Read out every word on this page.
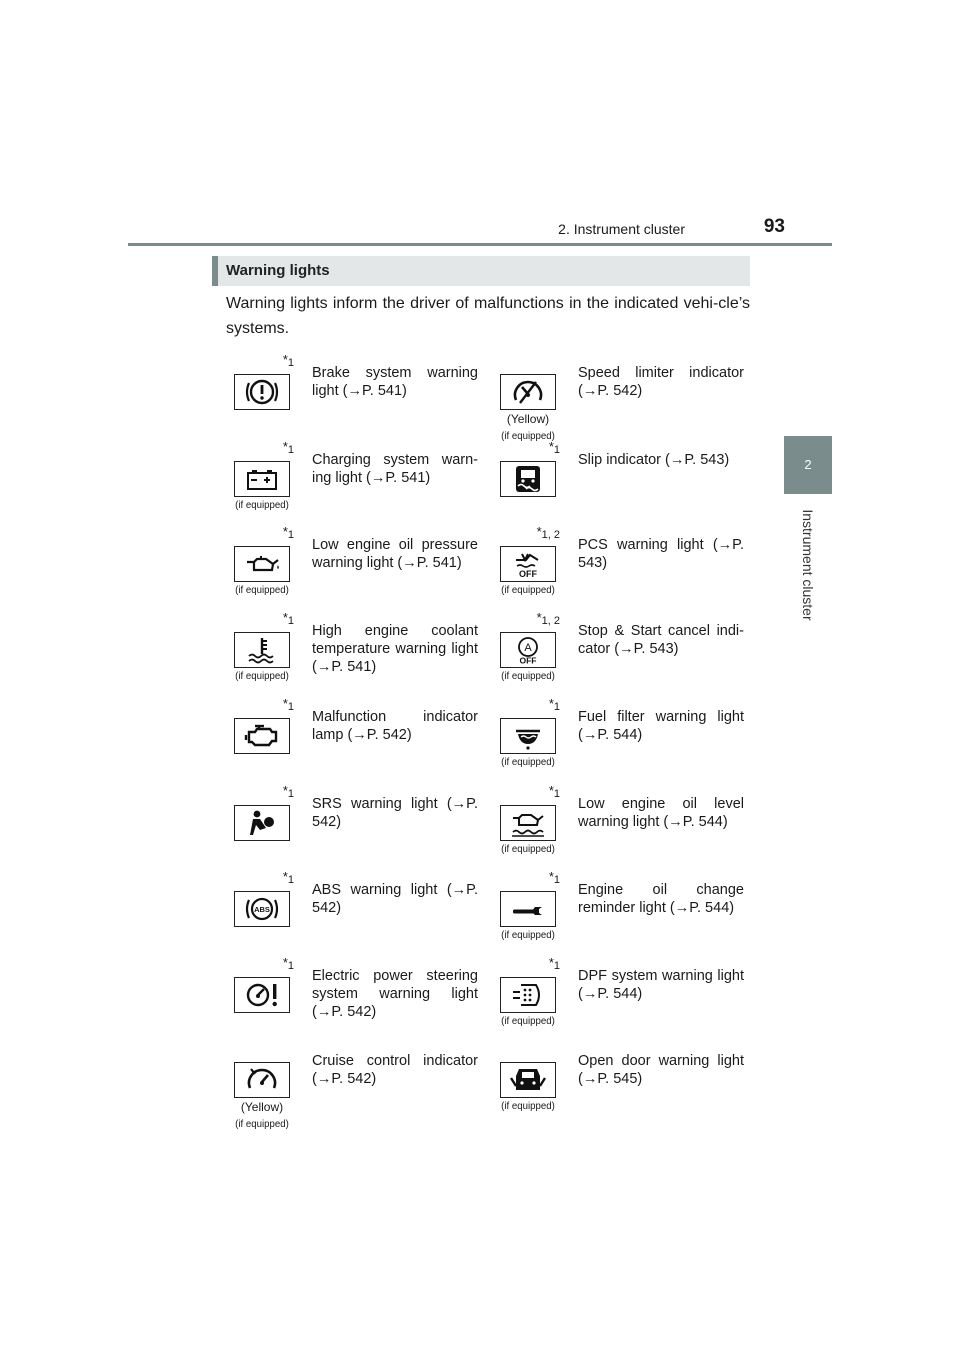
2. Instrument cluster	93
2
Instrument cluster
Warning lights
Warning lights inform the driver of malfunctions in the indicated vehi-cle’s systems.
$*_1$
Brake system warning light (→P. 541)
(Yellow)
(if equipped)
Speed limiter indicator (→P. 542)
$*_1$
(if equipped)
Charging system warn-ing light (→P. 541)
$*_1$
Slip indicator (→P. 543)
$*_1$
(if equipped)
Low engine oil pressure warning light (→P. 541)
$*_{1, 2}$
OFF
(if equipped)
PCS warning light (→P. 543)
$*_1$
(if equipped)
High engine coolant temperature warning light (→P. 541)
$*_{1, 2}$
A
OFF
(if equipped)
Stop & Start cancel indi-cator (→P. 543)
$*_1$
Malfunction indicator lamp (→P. 542)
$*_1$
(if equipped)
Fuel filter warning light (→P. 544)
$*_1$
SRS warning light (→P. 542)
$*_1$
(if equipped)
Low engine oil level warning light (→P. 544)
$*_1$
ABS
ABS warning light (→P. 542)
$*_1$
(if equipped)
Engine oil change reminder light (→P. 544)
$*_1$
Electric power steering system warning light (→P. 542)
$*_1$
(if equipped)
DPF system warning light (→P. 544)
(Yellow)
(if equipped)
Cruise control indicator (→P. 542)
(if equipped)
Open door warning light (→P. 545)
